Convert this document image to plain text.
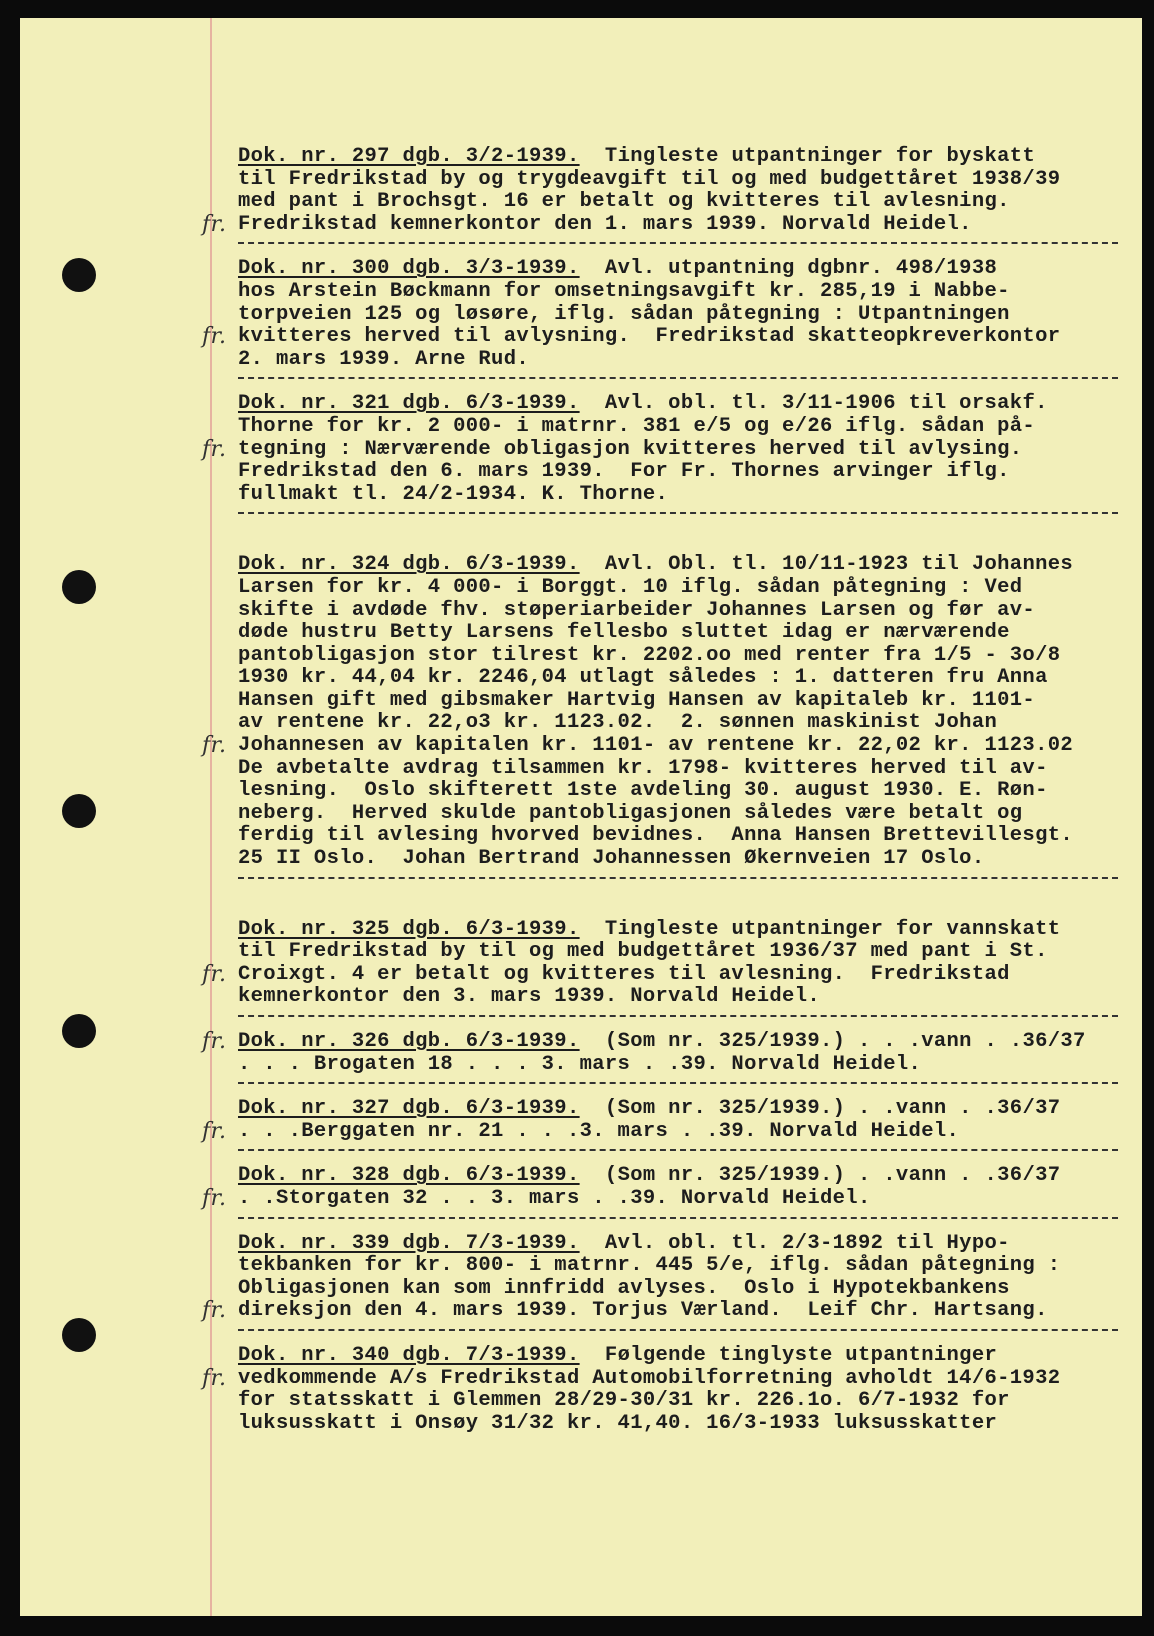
Dok. nr. 297 dgb. 3/2-1939. Tingleste utpantninger for byskatt
til Fredrikstad by og trygdeavgift til og med budgettåret 1938/39
med pant i Brochsgt. 16 er betalt og kvitteres til avlesning.
Fredrikstad kemnerkontor den 1. mars 1939. Norvald Heidel.
fr.
Dok. nr. 300 dgb. 3/3-1939. Avl. utpantning dgbnr. 498/1938
hos Arstein Bøckmann for omsetningsavgift kr. 285,19 i Nabbe-
torpveien 125 og løsøre, iflg. sådan påtegning : Utpantningen
kvitteres herved til avlysning.  Fredrikstad skatteopkreverkontor
2. mars 1939. Arne Rud.
fr.
Dok. nr. 321 dgb. 6/3-1939. Avl. obl. tl. 3/11-1906 til orsakf.
Thorne for kr. 2 000- i matrnr. 381 e/5 og e/26 iflg. sådan på-
tegning : Nærværende obligasjon kvitteres herved til avlysing.
Fredrikstad den 6. mars 1939.  For Fr. Thornes arvinger iflg.
fullmakt tl. 24/2-1934. K. Thorne.
fr.
Dok. nr. 324 dgb. 6/3-1939. Avl. Obl. tl. 10/11-1923 til Johannes
Larsen for kr. 4 000- i Borggt. 10 iflg. sådan påtegning : Ved
skifte i avdøde fhv. støperiarbeider Johannes Larsen og før av-
døde hustru Betty Larsens fellesbo sluttet idag er nærværende
pantobligasjon stor tilrest kr. 2202.oo med renter fra 1/5 - 3o/8
1930 kr. 44,04 kr. 2246,04 utlagt således : 1. datteren fru Anna
Hansen gift med gibsmaker Hartvig Hansen av kapitaleb kr. 1101-
av rentene kr. 22,o3 kr. 1123.02.  2. sønnen maskinist Johan
Johannesen av kapitalen kr. 1101- av rentene kr. 22,02 kr. 1123.02
De avbetalte avdrag tilsammen kr. 1798- kvitteres herved til av-
lesning.  Oslo skifterett 1ste avdeling 30. august 1930. E. Røn-
neberg.  Herved skulde pantobligasjonen således være betalt og
ferdig til avlesing hvorved bevidnes.  Anna Hansen Brettevillesgt.
25 II Oslo.  Johan Bertrand Johannessen Økernveien 17 Oslo.
fr.
Dok. nr. 325 dgb. 6/3-1939. Tingleste utpantninger for vannskatt
til Fredrikstad by til og med budgettåret 1936/37 med pant i St.
Croixgt. 4 er betalt og kvitteres til avlesning.  Fredrikstad
kemnerkontor den 3. mars 1939. Norvald Heidel.
fr.
Dok. nr. 326 dgb. 6/3-1939. (Som nr. 325/1939.) . . .vann . .36/37
. . . Brogaten 18 . . . 3. mars . .39. Norvald Heidel.
fr.
Dok. nr. 327 dgb. 6/3-1939. (Som nr. 325/1939.) . .vann . .36/37
. . .Berggaten nr. 21 . . .3. mars . .39. Norvald Heidel.
fr.
Dok. nr. 328 dgb. 6/3-1939. (Som nr. 325/1939.) . .vann . .36/37
. .Storgaten 32 . . 3. mars . .39. Norvald Heidel.
fr.
Dok. nr. 339 dgb. 7/3-1939. Avl. obl. tl. 2/3-1892 til Hypo-
tekbanken for kr. 800- i matrnr. 445 5/e, iflg. sådan påtegning :
Obligasjonen kan som innfridd avlyses.  Oslo i Hypotekbankens
direksjon den 4. mars 1939. Torjus Værland.  Leif Chr. Hartsang.
fr.
Dok. nr. 340 dgb. 7/3-1939. Følgende tinglyste utpantninger
vedkommende A/s Fredrikstad Automobilforretning avholdt 14/6-1932
for statsskatt i Glemmen 28/29-30/31 kr. 226.1o. 6/7-1932 for
luksusskatt i Onsøy 31/32 kr. 41,40. 16/3-1933 luksusskatter
fr.
